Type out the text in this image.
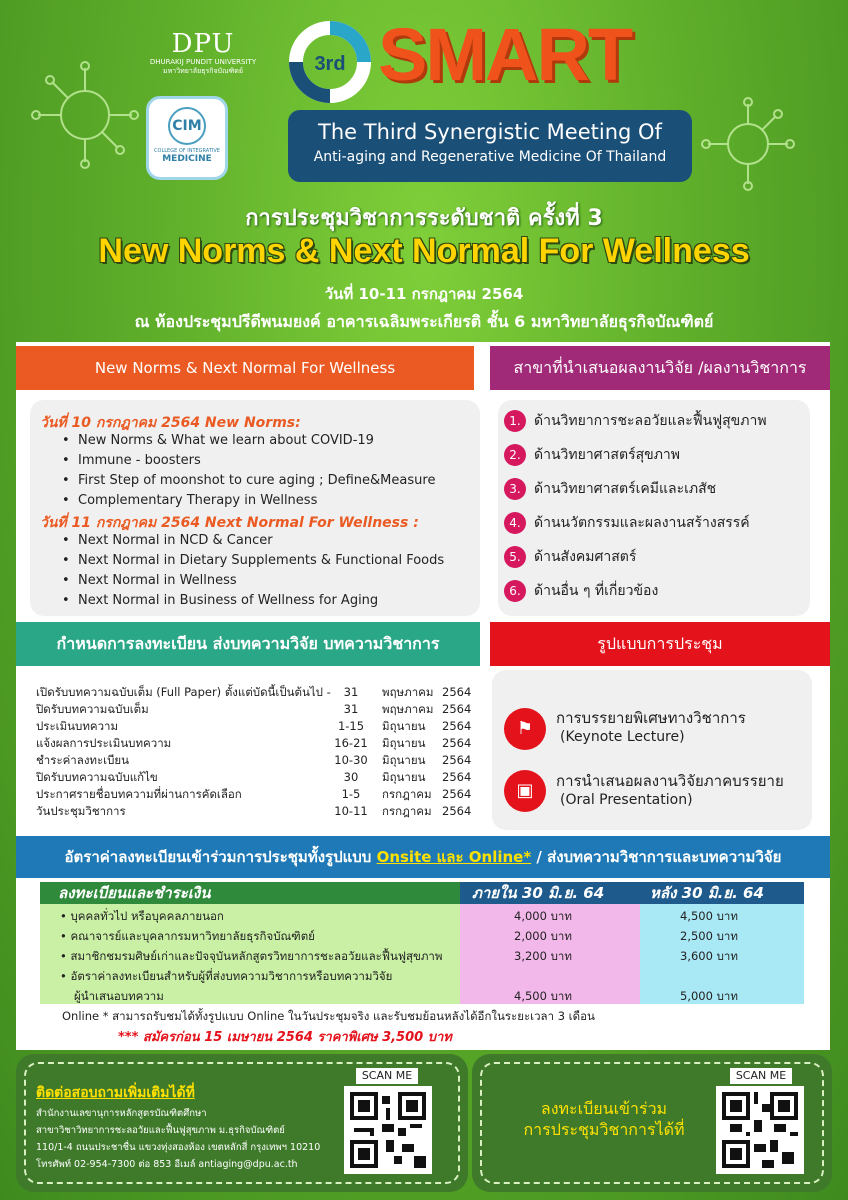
DPU
DHURAKIJ PUNDIT UNIVERSITY
มหาวิทยาลัยธุรกิจบัณฑิตย์
CIM
COLLEGE OF INTEGRATIVE
MEDICINE
3rd SMART
The Third Synergistic Meeting Of
Anti-aging and Regenerative Medicine Of Thailand
การประชุมวิชาการระดับชาติ ครั้งที่ 3
New Norms & Next Normal For Wellness
วันที่ 10-11 กรกฎาคม 2564
ณ ห้องประชุมปรีดีพนมยงค์ อาคารเฉลิมพระเกียรติ ชั้น 6 มหาวิทยาลัยธุรกิจบัณฑิตย์
New Norms & Next Normal For Wellness	สาขาที่นำเสนอผลงานวิจัย /ผลงานวิชาการ
วันที่ 10 กรกฎาคม 2564 New Norms:
• New Norms & What we learn about COVID-19
• Immune - boosters
• First Step of moonshot to cure aging ; Define&Measure
• Complementary Therapy in Wellness
วันที่ 11 กรกฎาคม 2564 Next Normal For Wellness :
• Next Normal in NCD & Cancer
• Next Normal in Dietary Supplements & Functional Foods
• Next Normal in Wellness
• Next Normal in Business of Wellness for Aging
1. ด้านวิทยาการชะลอวัยและฟื้นฟูสุขภาพ
2. ด้านวิทยาศาสตร์สุขภาพ
3. ด้านวิทยาศาสตร์เคมีและเภสัช
4. ด้านนวัตกรรมและผลงานสร้างสรรค์
5. ด้านสังคมศาสตร์
6. ด้านอื่น ๆ ที่เกี่ยวข้อง
กำหนดการลงทะเบียน ส่งบทความวิจัย บทความวิชาการ	รูปแบบการประชุม
เปิดรับบทความฉบับเต็ม (Full Paper) ตั้งแต่บัดนี้เป็นต้นไป -	31	พฤษภาคม 2564
ปิดรับบทความฉบับเต็ม	31	พฤษภาคม 2564
ประเมินบทความ	1-15	มิถุนายน	2564
แจ้งผลการประเมินบทความ	16-21	มิถุนายน	2564
ชำระค่าลงทะเบียน	10-30	มิถุนายน	2564
ปิดรับบทความฉบับแก้ไข	30	มิถุนายน	2564
ประกาศรายชื่อบทความที่ผ่านการคัดเลือก	1-5	กรกฎาคม 2564
วันประชุมวิชาการ	10-11	กรกฎาคม 2564
⚑	การบรรยายพิเศษทางวิชาการ
(Keynote Lecture)
▣	การนำเสนอผลงานวิจัยภาคบรรยาย
(Oral Presentation)
อัตราค่าลงทะเบียนเข้าร่วมการประชุมทั้งรูปแบบ Onsite และ Online* / ส่งบทความวิชาการและบทความวิจัย
ลงทะเบียนและชำระเงิน	ภายใน 30 มิ.ย. 64	หลัง 30 มิ.ย. 64
• บุคคลทั่วไป หรือบุคคลภายนอก	4,000 บาท	4,500 บาท
• คณาจารย์และบุคลากรมหาวิทยาลัยธุรกิจบัณฑิตย์	2,000 บาท	2,500 บาท
• สมาชิกชมรมศิษย์เก่าและปัจจุบันหลักสูตรวิทยาการชะลอวัยและฟื้นฟูสุขภาพ	3,200 บาท	3,600 บาท
• อัตราค่าลงทะเบียนสำหรับผู้ที่ส่งบทความวิชาการหรือบทความวิจัย
ผู้นำเสนอบทความ	4,500 บาท	5,000 บาท
Online * สามารถรับชมได้ทั้งรูปแบบ Online ในวันประชุมจริง และรับชมย้อนหลังได้อีกในระยะเวลา 3 เดือน
*** สมัครก่อน 15 เมษายน 2564 ราคาพิเศษ 3,500 บาท
ติดต่อสอบถามเพิ่มเติมได้ที่
สำนักงานเลขานุการหลักสูตรบัณฑิตศึกษา
สาขาวิชาวิทยาการชะลอวัยและฟื้นฟูสุขภาพ ม.ธุรกิจบัณฑิตย์
110/1-4 ถนนประชาชื่น แขวงทุ่งสองห้อง เขตหลักสี่ กรุงเทพฯ 10210
โทรศัพท์ 02-954-7300 ต่อ 853 อีเมล์ antiaging@dpu.ac.th
SCAN ME
ลงทะเบียนเข้าร่วม
การประชุมวิชาการได้ที่
SCAN ME
